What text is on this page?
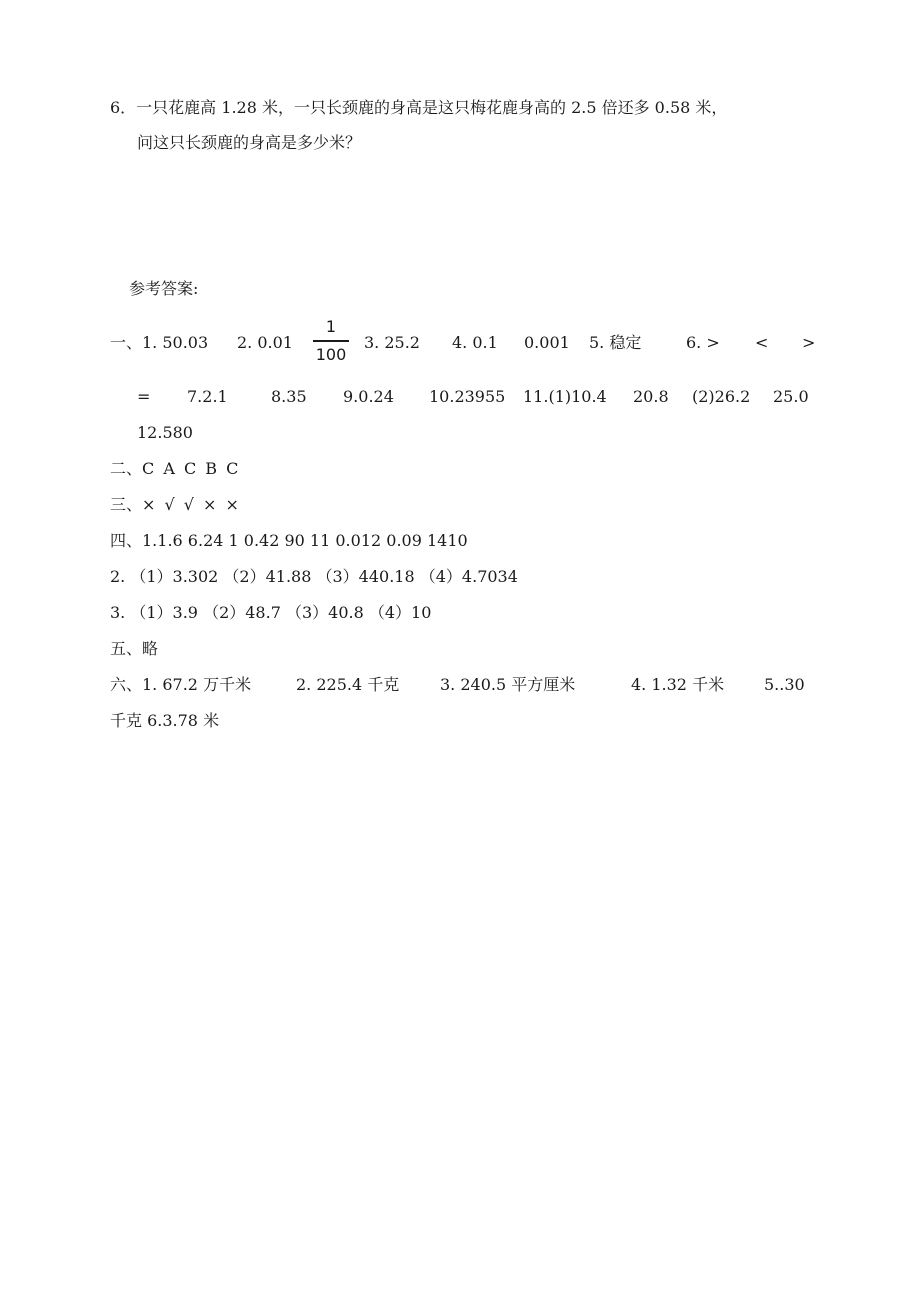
6．一只花鹿高 1.28 米，一只长颈鹿的身高是这只梅花鹿身高的 2.5 倍还多 0.58 米，
问这只长颈鹿的身高是多少米？
参考答案:
一、1. 50.03 2. 0.01
1
100
3. 25.2 4. 0.1 0.001 5. 稳定	6. > < >
= 7.2.1	8.35 9.0.24 10.23955 11.(1)10.4 20.8 (2)26.2 25.0
12.580
二、C A C B C
三、× √ √ × ×
四、1.1.6 6.24 1 0.42 90 11 0.012 0.09 1410
2. （1）3.302 （2）41.88 （3）440.18 （4）4.7034
3. （1）3.9 （2）48.7 （3）40.8 （4）10
五、略
六、1. 67.2 万千米	2. 225.4 千克	3. 240.5 平方厘米	4. 1.32 千米 5..30
千克 6.3.78 米
